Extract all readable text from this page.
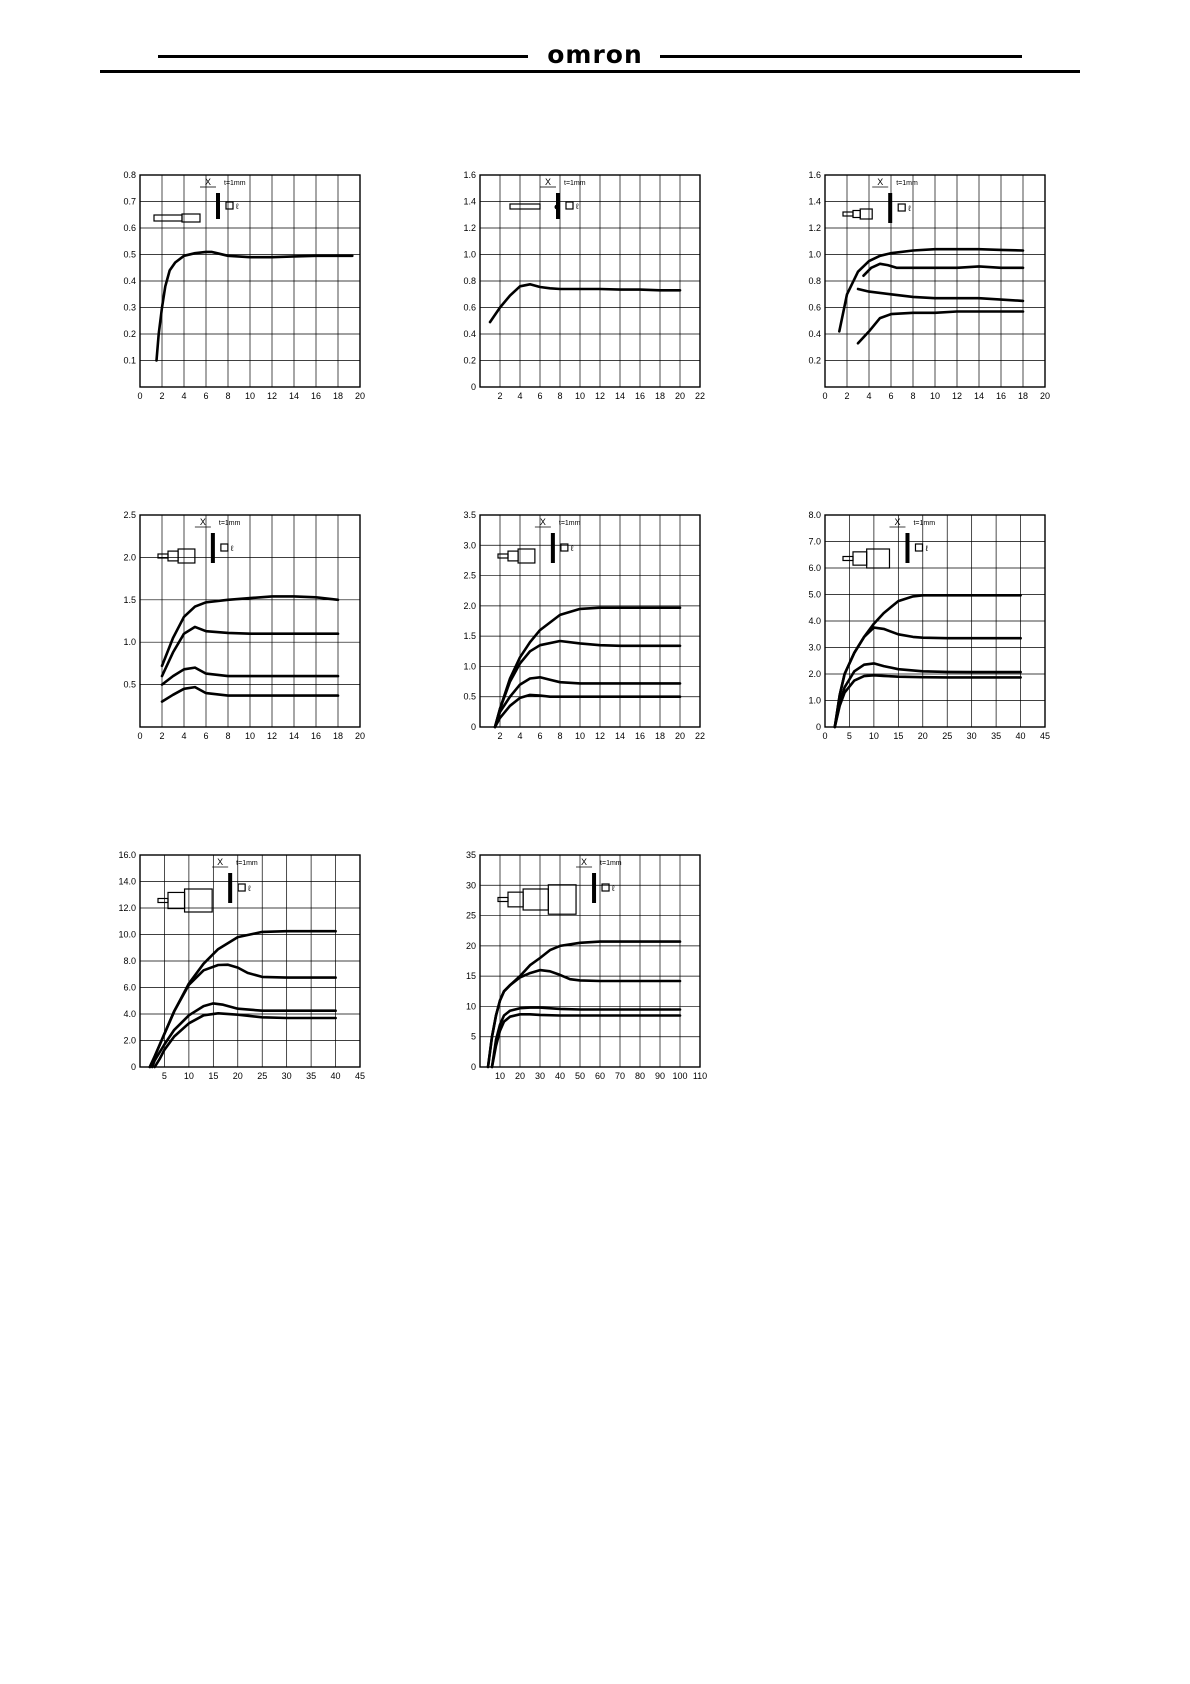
omron
0 2 4 6 8 10 12 14 16 18 20
0.1
0.2
0.3
0.4
0.5
0.6
0.7
0.8
ℓ
X t=1mm
2 4 6 8 10 12 14 16 18 20 22
0
0.2
0.4
0.6
0.8
1.0
1.2
1.4
1.6
ℓ
X t=1mm
0 2 4 6 8 10 12 14 16 18 20
0.2
0.4
0.6
0.8
1.0
1.2
1.4
1.6
ℓ
X t=1mm
0 2 4 6 8 10 12 14 16 18 20
0.5
1.0
1.5
2.0
2.5
ℓ
X t=1mm
2 4 6 8 10 12 14 16 18 20 22
0
0.5
1.0
1.5
2.0
2.5
3.0
3.5
ℓ
X t=1mm
0 5 10 15 20 25 30 35 40 45
0
1.0
2.0
3.0
4.0
5.0
6.0
7.0
8.0
ℓ
X t=1mm
5 10 15 20 25 30 35 40 45
0
2.0
4.0
6.0
8.0
10.0
12.0
14.0
16.0
ℓ
X t=1mm
10 20 30 40 50 60 70 80 90 100 110
0
5
10
15
20
25
30
35
ℓ
X t=1mm
